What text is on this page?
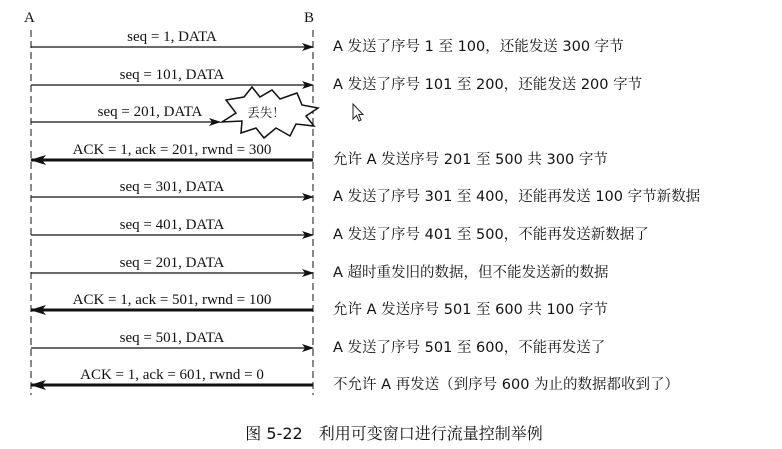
A	B
seq = 1, DATA
A 发送了序号 1 至 100，还能发送 300 字节
seq = 101, DATA
A 发送了序号 101 至 200，还能发送 200 字节
seq = 201, DATA
ACK = 1, ack = 201, rwnd = 300
允许 A 发送序号 201 至 500 共 300 字节
seq = 301, DATA
A 发送了序号 301 至 400，还能再发送 100 字节新数据
seq = 401, DATA
A 发送了序号 401 至 500，不能再发送新数据了
seq = 201, DATA
A 超时重发旧的数据，但不能发送新的数据
ACK = 1, ack = 501, rwnd = 100
允许 A 发送序号 501 至 600 共 100 字节
seq = 501, DATA
A 发送了序号 501 至 600，不能再发送了
ACK = 1, ack = 601, rwnd = 0
不允许 A 再发送（到序号 600 为止的数据都收到了）
丢失！
图 5-22　利用可变窗口进行流量控制举例
